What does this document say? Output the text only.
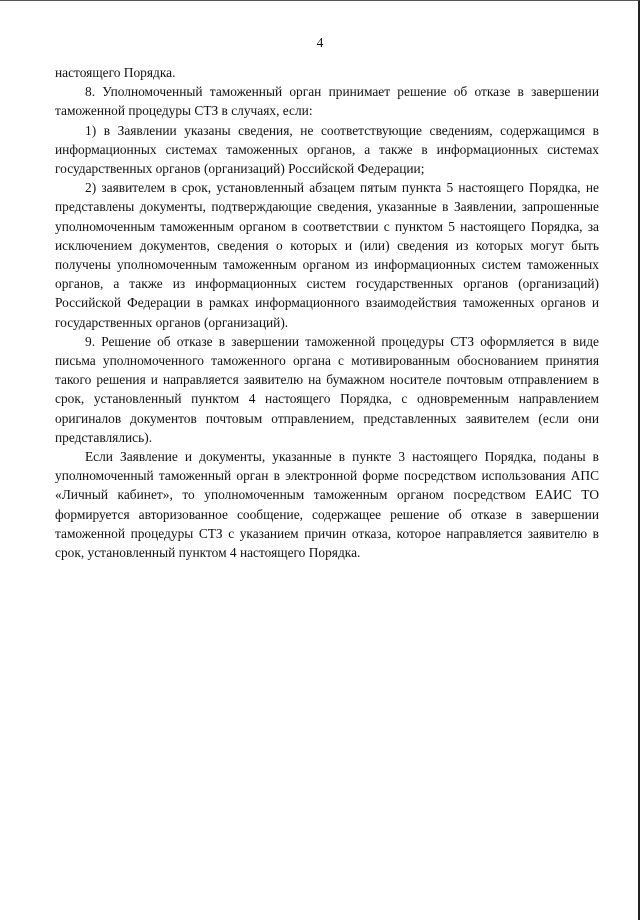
4

настоящего Порядка.

8. Уполномоченный таможенный орган принимает решение об отказе в завершении таможенной процедуры СТЗ в случаях, если:

1) в Заявлении указаны сведения, не соответствующие сведениям, содержащимся в информационных системах таможенных органов, а также в информационных системах государственных органов (организаций) Российской Федерации;

2) заявителем в срок, установленный абзацем пятым пункта 5 настоящего Порядка, не представлены документы, подтверждающие сведения, указанные в Заявлении, запрошенные уполномоченным таможенным органом в соответствии с пунктом 5 настоящего Порядка, за исключением документов, сведения о которых и (или) сведения из которых могут быть получены уполномоченным таможенным органом из информационных систем таможенных органов, а также из информационных систем государственных органов (организаций) Российской Федерации в рамках информационного взаимодействия таможенных органов и государственных органов (организаций).

9. Решение об отказе в завершении таможенной процедуры СТЗ оформляется в виде письма уполномоченного таможенного органа с мотивированным обоснованием принятия такого решения и направляется заявителю на бумажном носителе почтовым отправлением в срок, установленный пунктом 4 настоящего Порядка, с одновременным направлением оригиналов документов почтовым отправлением, представленных заявителем (если они представлялись).

Если Заявление и документы, указанные в пункте 3 настоящего Порядка, поданы в уполномоченный таможенный орган в электронной форме посредством использования АПС «Личный кабинет», то уполномоченным таможенным органом посредством ЕАИС ТО формируется авторизованное сообщение, содержащее решение об отказе в завершении таможенной процедуры СТЗ с указанием причин отказа, которое направляется заявителю в срок, установленный пунктом 4 настоящего Порядка.
